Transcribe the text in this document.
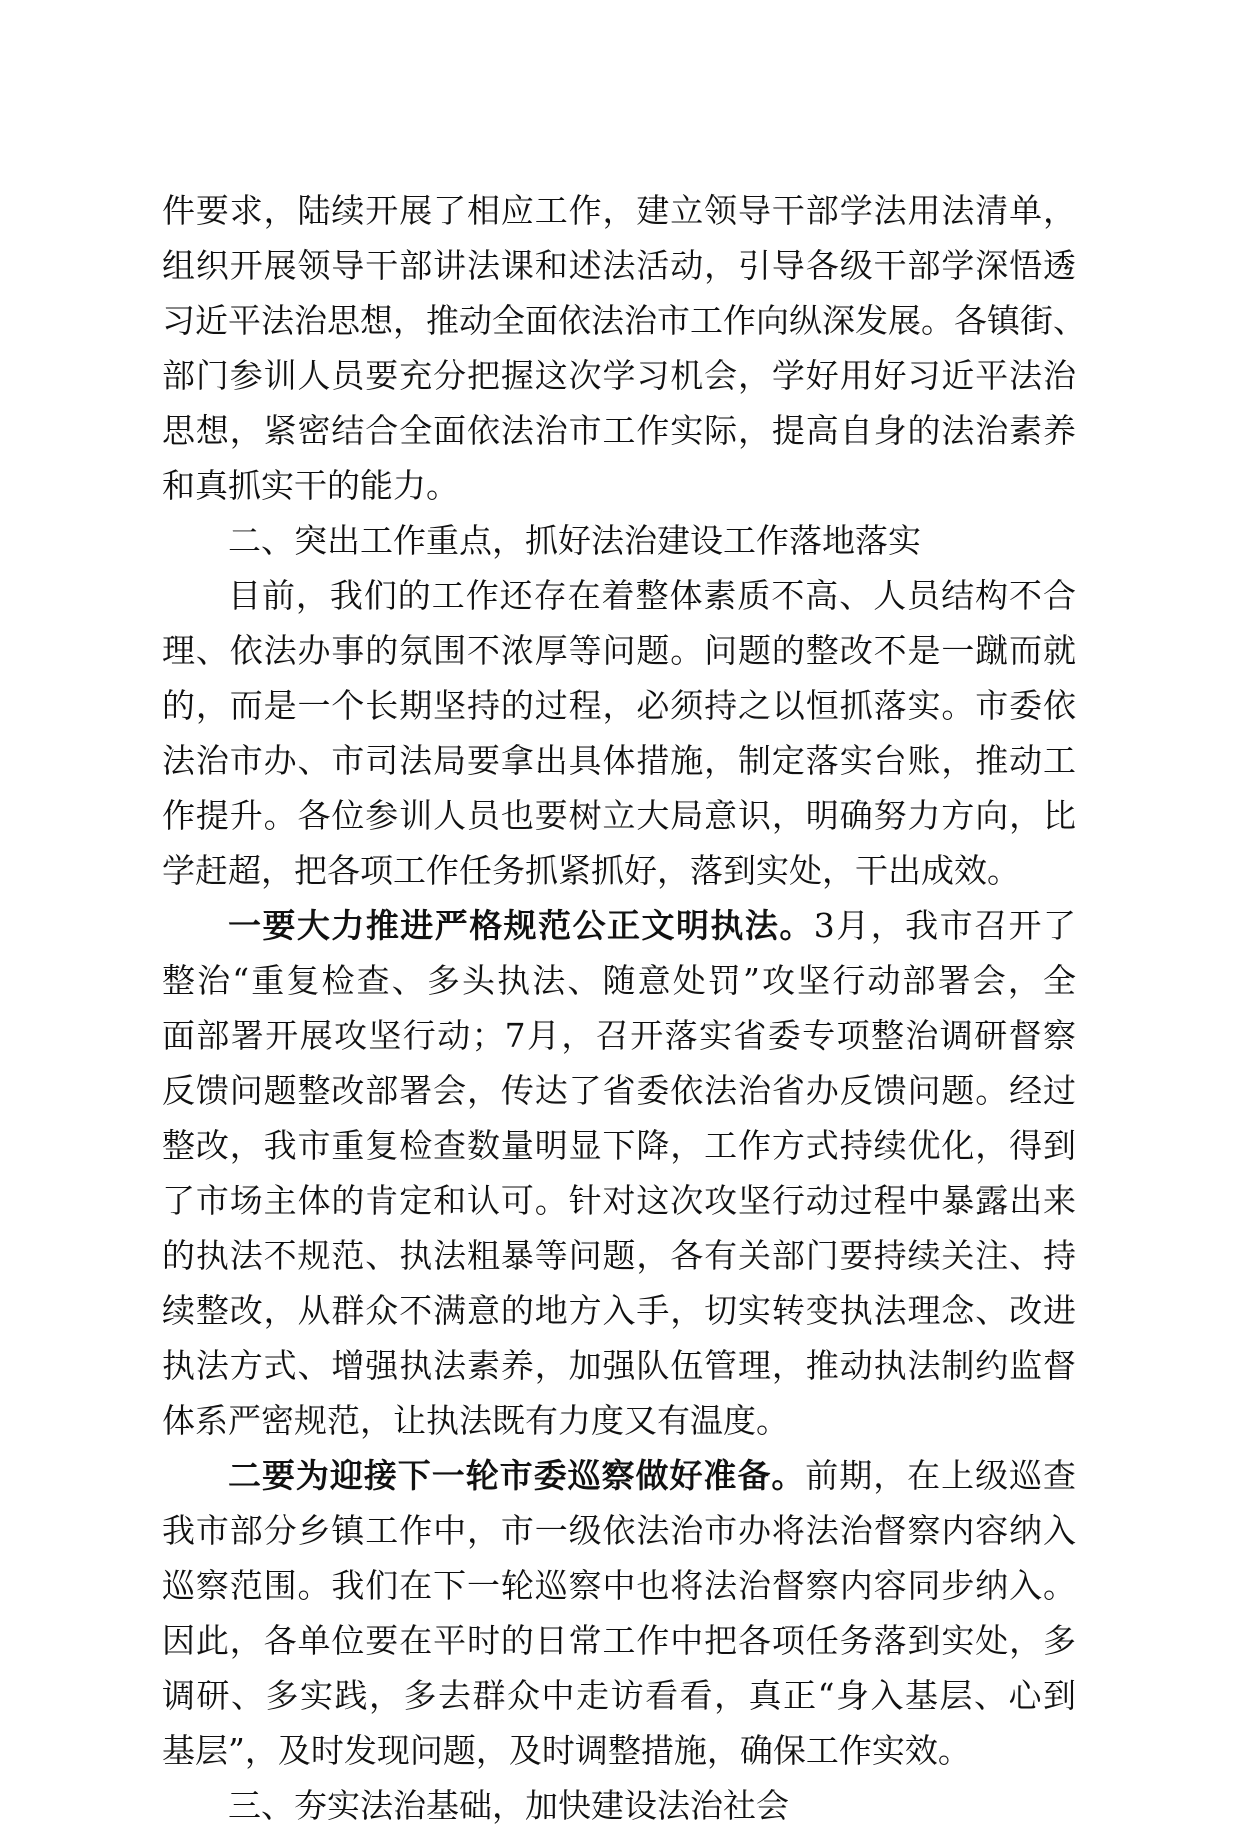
件要求，陆续开展了相应工作，建立领导干部学法用法清单，
组织开展领导干部讲法课和述法活动，引导各级干部学深悟透
习近平法治思想，推动全面依法治市工作向纵深发展。各镇街、
部门参训人员要充分把握这次学习机会，学好用好习近平法治
思想，紧密结合全面依法治市工作实际，提高自身的法治素养
和真抓实干的能力。
二、突出工作重点，抓好法治建设工作落地落实
目前，我们的工作还存在着整体素质不高、人员结构不合
理、依法办事的氛围不浓厚等问题。问题的整改不是一蹴而就
的，而是一个长期坚持的过程，必须持之以恒抓落实。市委依
法治市办、市司法局要拿出具体措施，制定落实台账，推动工
作提升。各位参训人员也要树立大局意识，明确努力方向，比
学赶超，把各项工作任务抓紧抓好，落到实处，干出成效。
一要大力推进严格规范公正文明执法。3月，我市召开了
整治“重复检查、多头执法、随意处罚”攻坚行动部署会，全
面部署开展攻坚行动；7月，召开落实省委专项整治调研督察
反馈问题整改部署会，传达了省委依法治省办反馈问题。经过
整改，我市重复检查数量明显下降，工作方式持续优化，得到
了市场主体的肯定和认可。针对这次攻坚行动过程中暴露出来
的执法不规范、执法粗暴等问题，各有关部门要持续关注、持
续整改，从群众不满意的地方入手，切实转变执法理念、改进
执法方式、增强执法素养，加强队伍管理，推动执法制约监督
体系严密规范，让执法既有力度又有温度。
二要为迎接下一轮市委巡察做好准备。前期，在上级巡查
我市部分乡镇工作中，市一级依法治市办将法治督察内容纳入
巡察范围。我们在下一轮巡察中也将法治督察内容同步纳入。
因此，各单位要在平时的日常工作中把各项任务落到实处，多
调研、多实践，多去群众中走访看看，真正“身入基层、心到
基层”，及时发现问题，及时调整措施，确保工作实效。
三、夯实法治基础，加快建设法治社会
